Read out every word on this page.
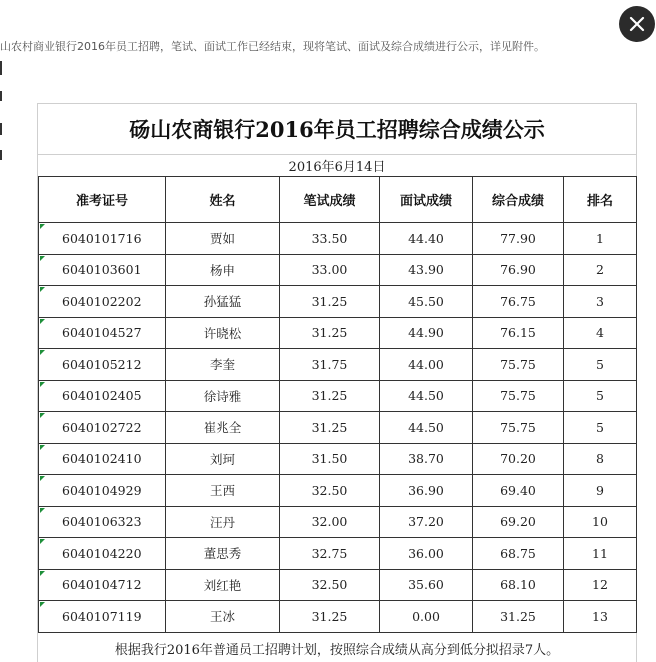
山农村商业银行2016年员工招聘，笔试、面试工作已经结束，现将笔试、面试及综合成绩进行公示，详见附件。
砀山农商银行2016年员工招聘综合成绩公示
2016年6月14日
准考证号	姓名	笔试成绩	面试成绩	综合成绩	排名
6040101716	贾如	33.50	44.40	77.90	1
6040103601	杨申	33.00	43.90	76.90	2
6040102202	孙猛猛	31.25	45.50	76.75	3
6040104527	许晓松	31.25	44.90	76.15	4
6040105212	李奎	31.75	44.00	75.75	5
6040102405	徐诗雅	31.25	44.50	75.75	5
6040102722	崔兆全	31.25	44.50	75.75	5
6040102410	刘珂	31.50	38.70	70.20	8
6040104929	王西	32.50	36.90	69.40	9
6040106323	汪丹	32.00	37.20	69.20	10
6040104220	董思秀	32.75	36.00	68.75	11
6040104712	刘红艳	32.50	35.60	68.10	12
6040107119	王冰	31.25	0.00	31.25	13
根据我行2016年普通员工招聘计划，按照综合成绩从高分到低分拟招录7人。
